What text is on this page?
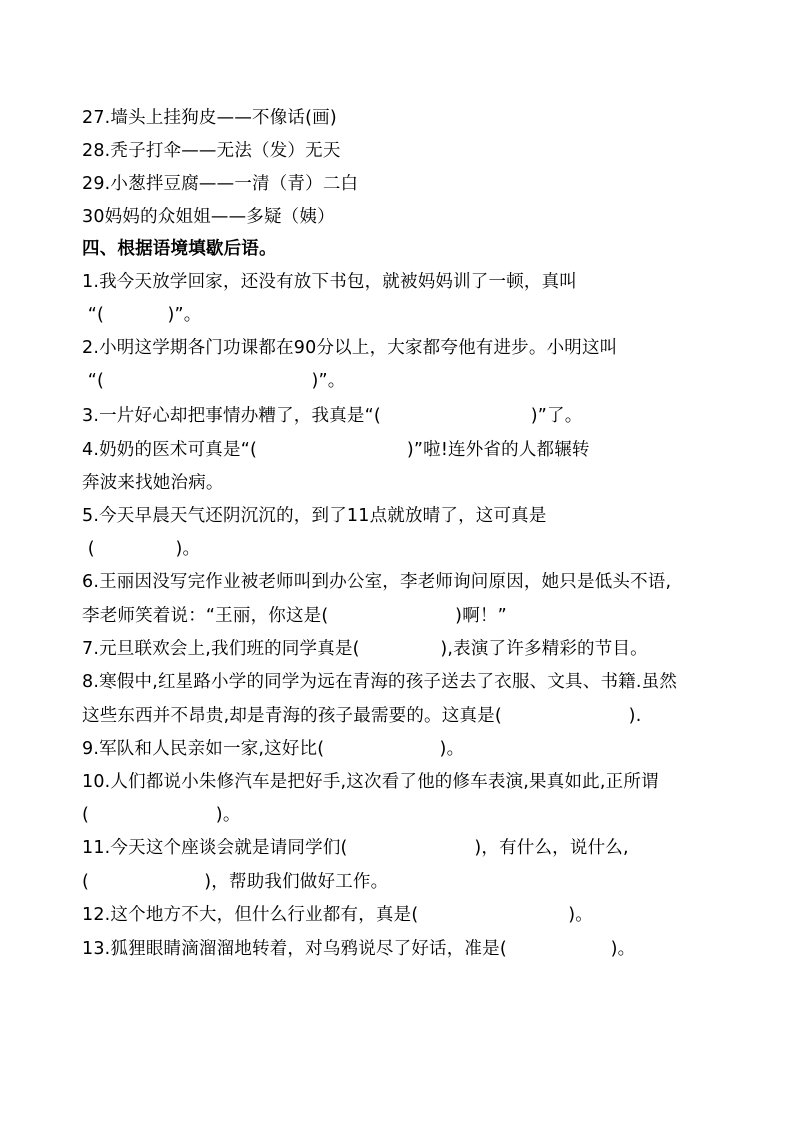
27.墙头上挂狗皮——不像话(画)
28.秃子打伞——无法（发）无天
29.小葱拌豆腐——一清（青）二白
30妈妈的众姐姐——多疑（姨）
四、根据语境填歇后语。
1.我今天放学回家，还没有放下书包，就被妈妈训了一顿，真叫
“(           )”。
2.小明这学期各门功课都在90分以上，大家都夸他有进步。小明这叫
“(                                    )”。
3.一片好心却把事情办糟了，我真是“(                          )”了。
4.奶奶的医术可真是“(                          )”啦!连外省的人都辗转
奔波来找她治病。
5.今天早晨天气还阴沉沉的，到了11点就放晴了，这可真是
(              )。
6.王丽因没写完作业被老师叫到办公室，李老师询问原因，她只是低头不语,
李老师笑着说：“王丽，你这是(                      )啊！”
7.元旦联欢会上,我们班的同学真是(              ),表演了许多精彩的节目。
8.寒假中,红星路小学的同学为远在青海的孩子送去了衣服、文具、书籍.虽然
这些东西并不昂贵,却是青海的孩子最需要的。这真是(                      ).
9.军队和人民亲如一家,这好比(                    )。
10.人们都说小朱修汽车是把好手,这次看了他的修车表演,果真如此,正所谓
(                      )。
11.今天这个座谈会就是请同学们(                      )，有什么，说什么,
(                    )，帮助我们做好工作。
12.这个地方不大，但什么行业都有，真是(                          )。
13.狐狸眼睛滴溜溜地转着，对乌鸦说尽了好话，准是(                  )。
